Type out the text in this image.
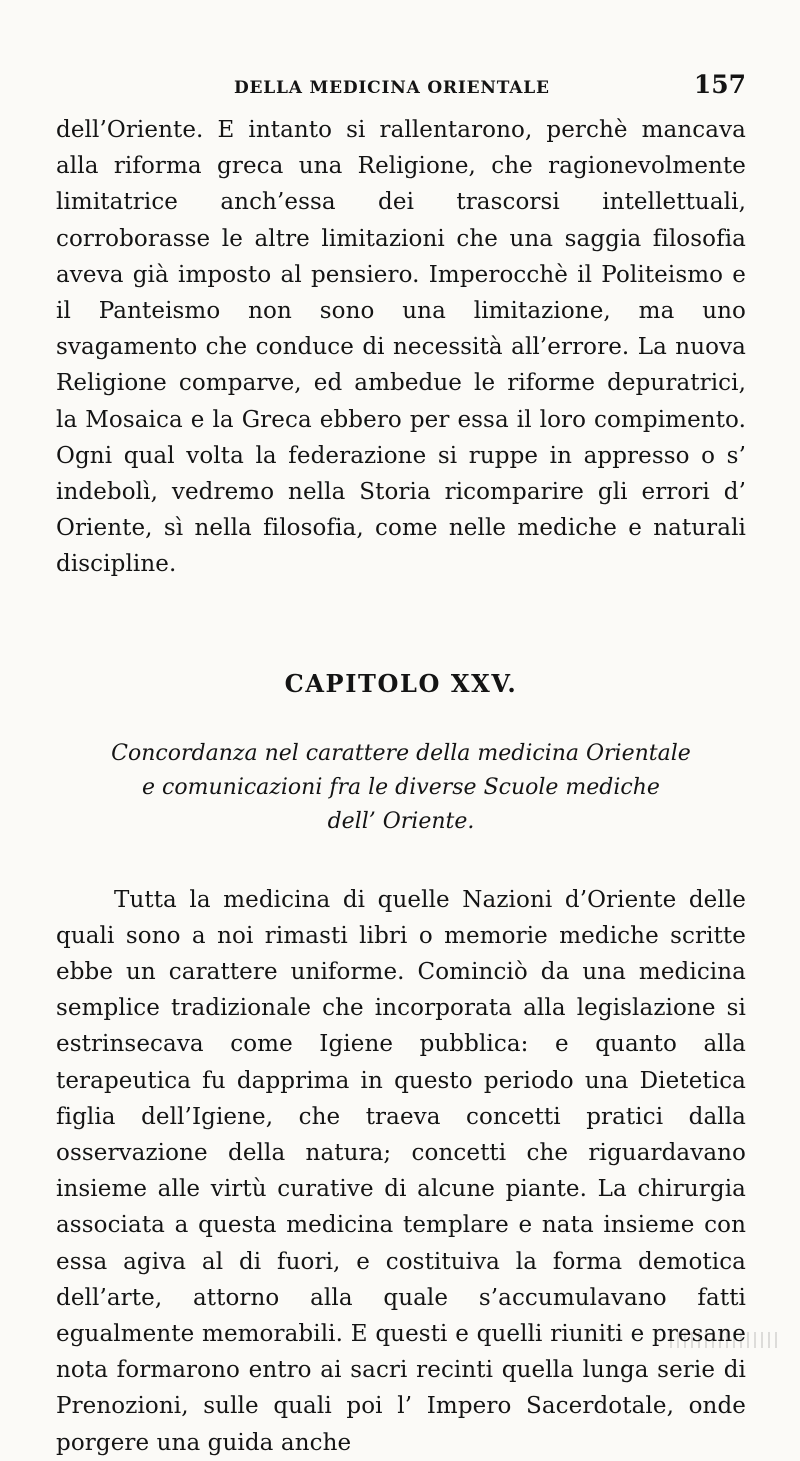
DELLA MEDICINA ORIENTALE	157

dell’Oriente. E intanto si rallentarono, perchè mancava alla riforma greca una Religione, che ragionevolmente limitatrice anch’essa dei trascorsi intellettuali, corroborasse le altre limitazioni che una saggia filosofia aveva già imposto al pensiero. Imperocchè il Politeismo e il Panteismo non sono una limitazione, ma uno svagamento che conduce di necessità all’errore. La nuova Religione comparve, ed ambedue le riforme depuratrici, la Mosaica e la Greca ebbero per essa il loro compimento. Ogni qual volta la federazione si ruppe in appresso o s’ indebolì, vedremo nella Storia ricomparire gli errori d’ Oriente, sì nella filosofia, come nelle mediche e naturali discipline.

CAPITOLO XXV.
Concordanza nel carattere della medicina Orientale
e comunicazioni fra le diverse Scuole mediche
dell’ Oriente.

Tutta la medicina di quelle Nazioni d’Oriente delle quali sono a noi rimasti libri o memorie mediche scritte ebbe un carattere uniforme. Cominciò da una medicina semplice tradizionale che incorporata alla legislazione si estrinsecava come Igiene pubblica: e quanto alla terapeutica fu dapprima in questo periodo una Dietetica figlia dell’Igiene, che traeva concetti pratici dalla osservazione della natura; concetti che riguardavano insieme alle virtù curative di alcune piante. La chirurgia associata a questa medicina templare e nata insieme con essa agiva al di fuori, e costituiva la forma demotica dell’arte, attorno alla quale s’accumulavano fatti egualmente memorabili. E questi e quelli riuniti e presane nota formarono entro ai sacri recinti quella lunga serie di Prenozioni, sulle quali poi l’ Impero Sacerdotale, onde porgere una guida anche
